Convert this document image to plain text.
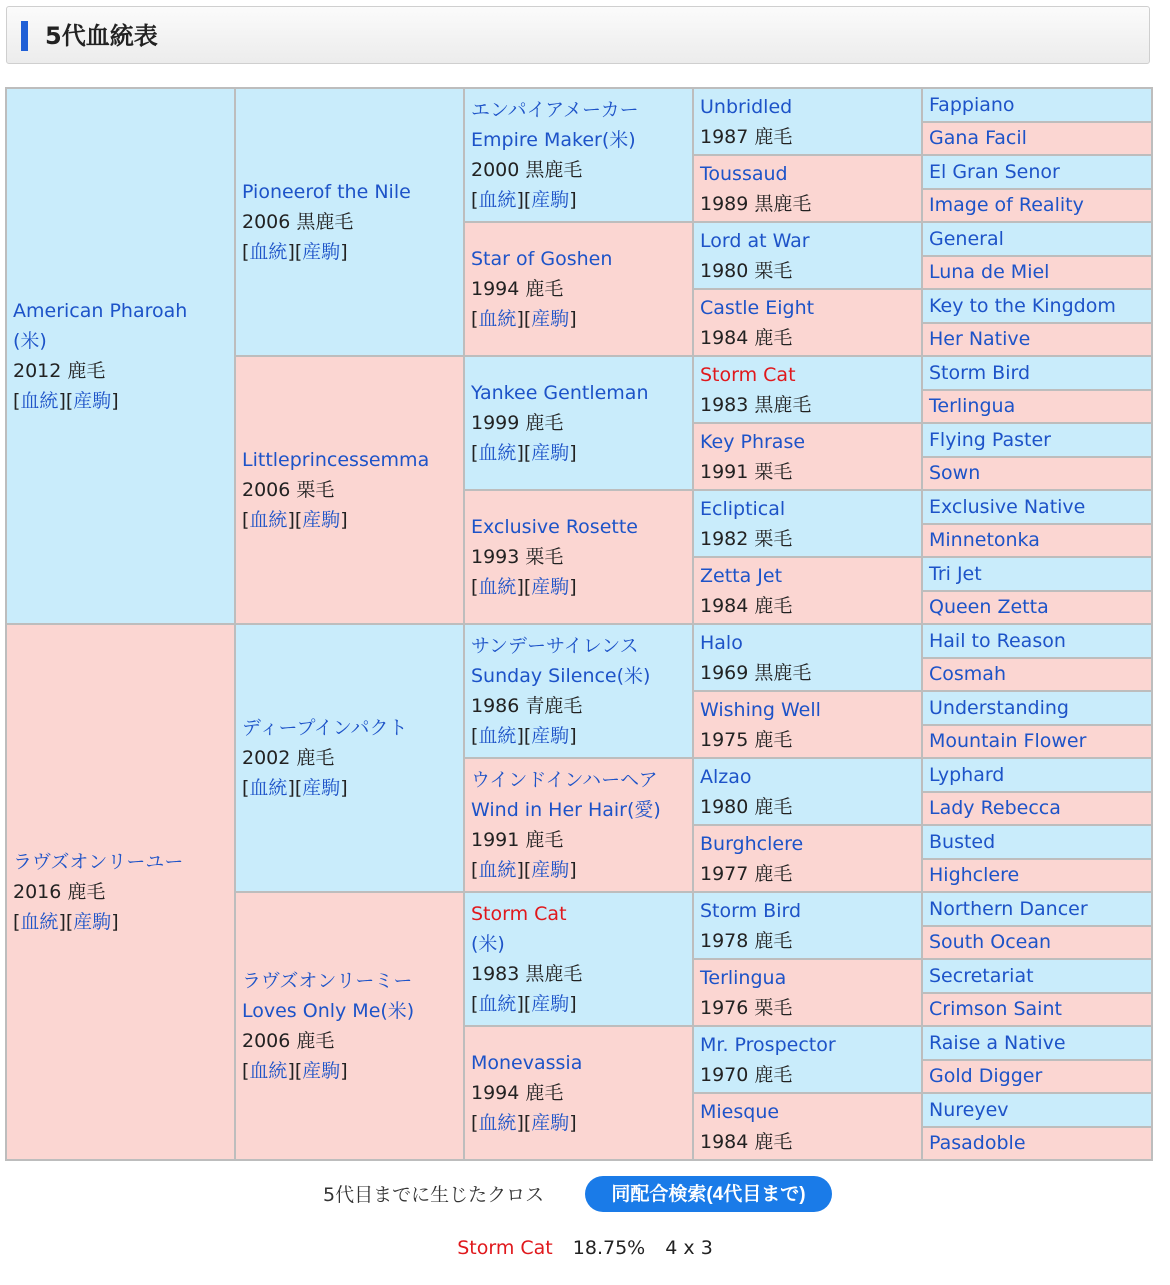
5代血統表
American Pharoah
(米)
2012 鹿毛
[血統][産駒]	Pioneerof the Nile
2006 黒鹿毛
[血統][産駒]	エンパイアメーカー
Empire Maker(米)
2000 黒鹿毛
[血統][産駒]	Unbridled
1987 鹿毛	Fappiano
				Gana Facil
			Toussaud
1989 黒鹿毛	El Gran Senor
				Image of Reality
		Star of Goshen
1994 鹿毛
[血統][産駒]	Lord at War
1980 栗毛	General
				Luna de Miel
			Castle Eight
1984 鹿毛	Key to the Kingdom
				Her Native
	Littleprincessemma
2006 栗毛
[血統][産駒]	Yankee Gentleman
1999 鹿毛
[血統][産駒]	Storm Cat
1983 黒鹿毛	Storm Bird
				Terlingua
			Key Phrase
1991 栗毛	Flying Paster
				Sown
		Exclusive Rosette
1993 栗毛
[血統][産駒]	Ecliptical
1982 栗毛	Exclusive Native
				Minnetonka
			Zetta Jet
1984 鹿毛	Tri Jet
				Queen Zetta
ラヴズオンリーユー
2016 鹿毛
[血統][産駒]	ディープインパクト
2002 鹿毛
[血統][産駒]	サンデーサイレンス
Sunday Silence(米)
1986 青鹿毛
[血統][産駒]	Halo
1969 黒鹿毛	Hail to Reason
				Cosmah
			Wishing Well
1975 鹿毛	Understanding
				Mountain Flower
		ウインドインハーヘア
Wind in Her Hair(愛)
1991 鹿毛
[血統][産駒]	Alzao
1980 鹿毛	Lyphard
				Lady Rebecca
			Burghclere
1977 鹿毛	Busted
				Highclere
	ラヴズオンリーミー
Loves Only Me(米)
2006 鹿毛
[血統][産駒]	Storm Cat
(米)
1983 黒鹿毛
[血統][産駒]	Storm Bird
1978 鹿毛	Northern Dancer
				South Ocean
			Terlingua
1976 栗毛	Secretariat
				Crimson Saint
		Monevassia
1994 鹿毛
[血統][産駒]	Mr. Prospector
1970 鹿毛	Raise a Native
				Gold Digger
			Miesque
1984 鹿毛	Nureyev
				Pasadoble
5代目までに生じたクロス	同配合検索(4代目まで)
Storm Cat 18.75% 4 x 3
